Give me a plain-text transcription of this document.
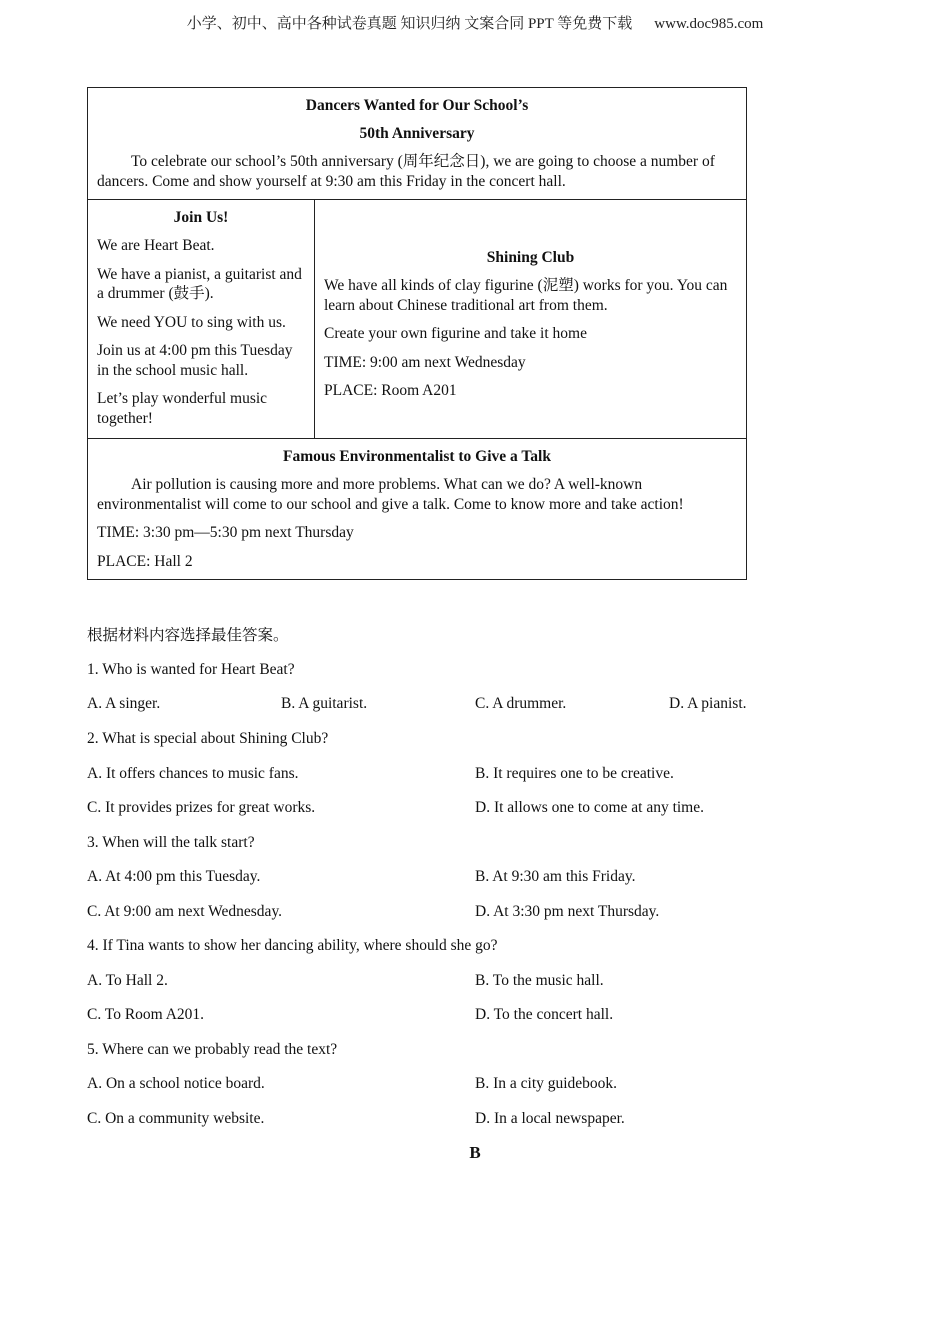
小学、初中、高中各种试卷真题 知识归纳 文案合同 PPT 等免费下载 www.doc985.com
Dancers Wanted for Our School’s
50th Anniversary
To celebrate our school’s 50th anniversary (周年纪念日), we are going to choose a number of dancers. Come and show yourself at 9:30 am this Friday in the concert hall.
Join Us!
We are Heart Beat.
We have a pianist, a guitarist and a drummer (鼓手).
We need YOU to sing with us.
Join us at 4:00 pm this Tuesday in the school music hall.
Let’s play wonderful music together!
Shining Club
We have all kinds of clay figurine (泥塑) works for you. You can learn about Chinese traditional art from them.
Create your own figurine and take it home
TIME: 9:00 am next Wednesday
PLACE: Room A201
Famous Environmentalist to Give a Talk
Air pollution is causing more and more problems. What can we do? A well-known environmentalist will come to our school and give a talk. Come to know more and take action!
TIME: 3:30 pm—5:30 pm next Thursday
PLACE: Hall 2
根据材料内容选择最佳答案。
1. Who is wanted for Heart Beat?
A. A singer.	B. A guitarist.	C. A drummer.	D. A pianist.
2. What is special about Shining Club?
A. It offers chances to music fans.	B. It requires one to be creative.
C. It provides prizes for great works.	D. It allows one to come at any time.
3. When will the talk start?
A. At 4:00 pm this Tuesday.	B. At 9:30 am this Friday.
C. At 9:00 am next Wednesday.	D. At 3:30 pm next Thursday.
4. If Tina wants to show her dancing ability, where should she go?
A. To Hall 2.	B. To the music hall.
C. To Room A201.	D. To the concert hall.
5. Where can we probably read the text?
A. On a school notice board.	B. In a city guidebook.
C. On a community website.	D. In a local newspaper.
B
